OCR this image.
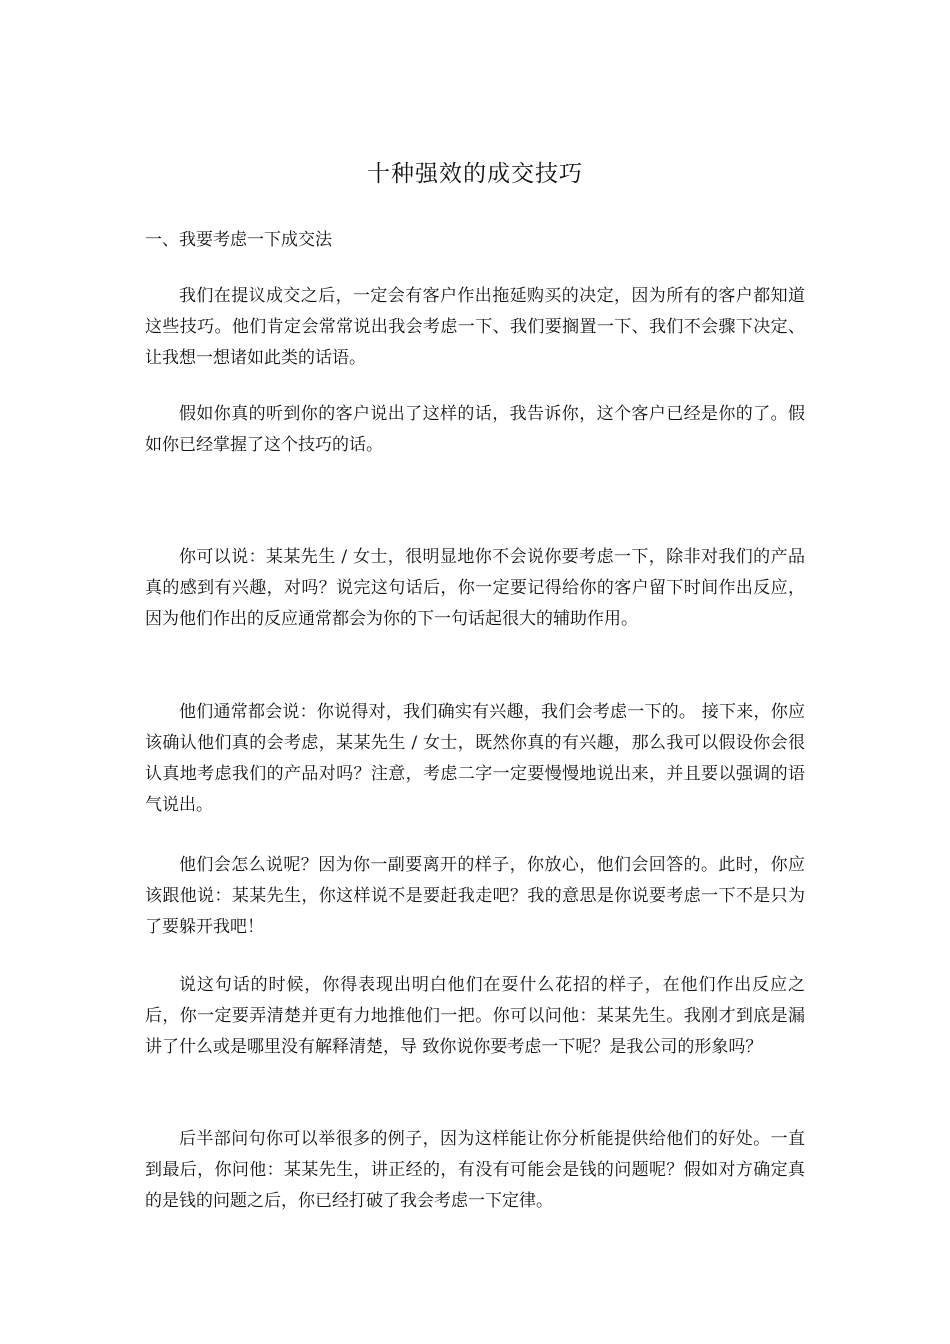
十种强效的成交技巧
一、我要考虑一下成交法

我们在提议成交之后，一定会有客户作出拖延购买的决定，因为所有的客户都知道这些技巧。他们肯定会常常说出我会考虑一下、我们要搁置一下、我们不会骤下决定、让我想一想诸如此类的话语。

假如你真的听到你的客户说出了这样的话，我告诉你，这个客户已经是你的了。假如你已经掌握了这个技巧的话。

你可以说：某某先生 / 女士，很明显地你不会说你要考虑一下，除非对我们的产品真的感到有兴趣，对吗？说完这句话后，你一定要记得给你的客户留下时间作出反应，因为他们作出的反应通常都会为你的下一句话起很大的辅助作用。

他们通常都会说：你说得对，我们确实有兴趣，我们会考虑一下的。 接下来，你应该确认他们真的会考虑，某某先生 / 女士，既然你真的有兴趣，那么我可以假设你会很认真地考虑我们的产品对吗？注意，考虑二字一定要慢慢地说出来，并且要以强调的语气说出。

他们会怎么说呢？因为你一副要离开的样子，你放心，他们会回答的。此时，你应该跟他说：某某先生，你这样说不是要赶我走吧？我的意思是你说要考虑一下不是只为了要躲开我吧！

说这句话的时候，你得表现出明白他们在耍什么花招的样子，在他们作出反应之后，你一定要弄清楚并更有力地推他们一把。你可以问他：某某先生。我刚才到底是漏讲了什么或是哪里没有解释清楚，导 致你说你要考虑一下呢？是我公司的形象吗？

后半部问句你可以举很多的例子，因为这样能让你分析能提供给他们的好处。一直到最后，你问他：某某先生，讲正经的，有没有可能会是钱的问题呢？假如对方确定真的是钱的问题之后，你已经打破了我会考虑一下定律。
